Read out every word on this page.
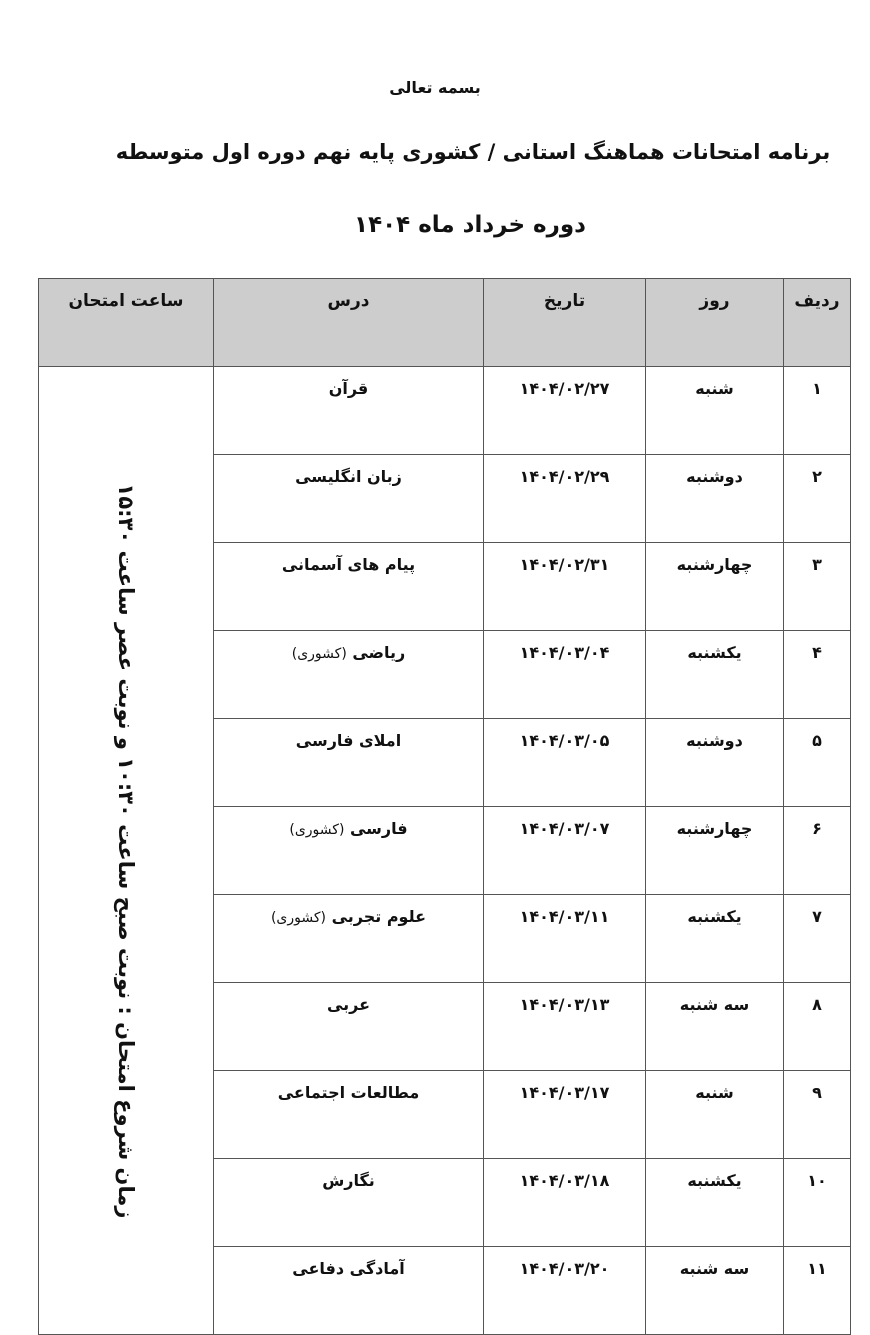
بسمه تعالی
برنامه امتحانات هماهنگ استانی / کشوری پایه نهم دوره اول متوسطه
دوره خرداد ماه ۱۴۰۴
ردیف	روز	تاریخ	درس	ساعت امتحان
۱	شنبه	۱۴۰۴/۰۲/۲۷	قرآن	زمان شروع امتحان : نوبت صبح ساعت ۱۰:۳۰ و نوبت عصر ساعت ۱۵:۳۰

۲	دوشنبه	۱۴۰۴/۰۲/۲۹	زبان انگلیسی	
۳	چهارشنبه	۱۴۰۴/۰۲/۳۱	پیام های آسمانی	
۴	یکشنبه	۱۴۰۴/۰۳/۰۴	ریاضی (کشوری)	
۵	دوشنبه	۱۴۰۴/۰۳/۰۵	املای فارسی	
۶	چهارشنبه	۱۴۰۴/۰۳/۰۷	فارسی (کشوری)	
۷	یکشنبه	۱۴۰۴/۰۳/۱۱	علوم تجربی (کشوری)	
۸	سه شنبه	۱۴۰۴/۰۳/۱۳	عربی	
۹	شنبه	۱۴۰۴/۰۳/۱۷	مطالعات اجتماعی	
۱۰	یکشنبه	۱۴۰۴/۰۳/۱۸	نگارش	
۱۱	سه شنبه	۱۴۰۴/۰۳/۲۰	آمادگی دفاعی	
